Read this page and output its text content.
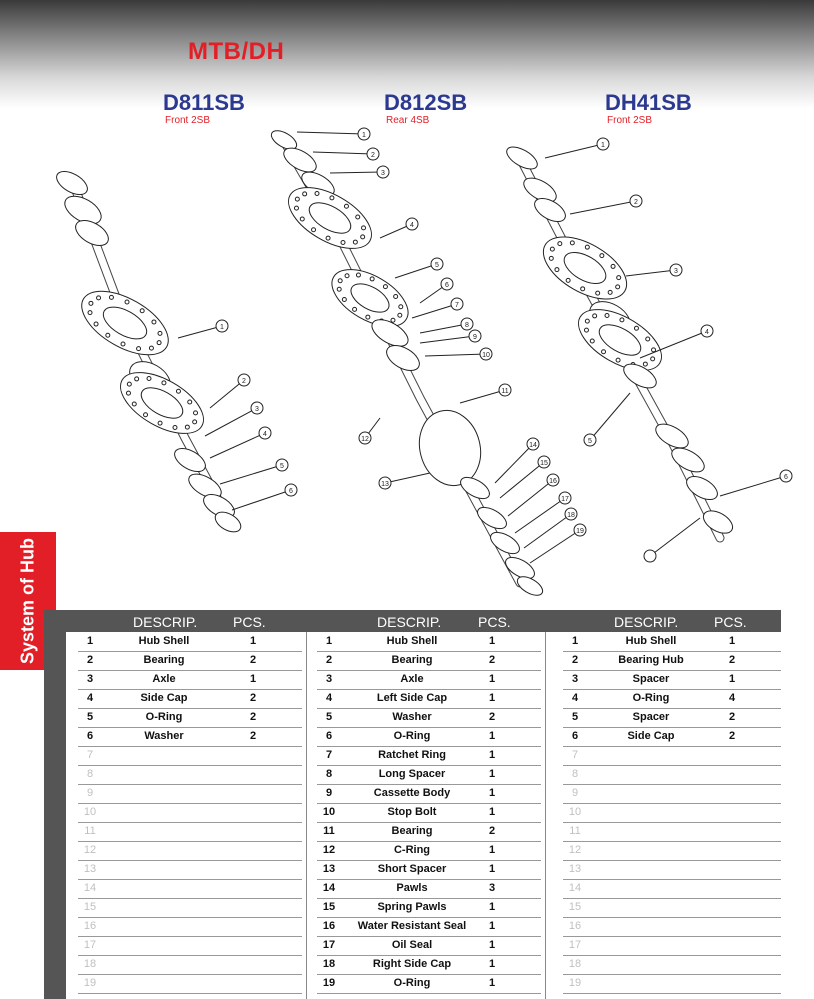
MTB/DH
D811SB
Front 2SB
D812SB
Rear 4SB
DH41SB
Front 2SB
1
2
3
4
5
6
1
2
3
4
5
6
7
8
9
10
11
12
13
14
15
16
17
18
19
1
2
3
4
5
6
System of Hub	DESCRIP.	PCS.	DESCRIP.	PCS.	DESCRIP.	PCS.
1	Hub Shell	1
2	Bearing	2
3	Axle	1
4	Side Cap	2
5	O-Ring	2
6	Washer	2
7
8
9
10
11
12
13
14
15
16
17
18
19
1	Hub Shell	1
2	Bearing	2
3	Axle	1
4	Left Side Cap	1
5	Washer	2
6	O-Ring	1
7	Ratchet Ring	1
8	Long Spacer	1
9	Cassette Body	1
10	Stop Bolt	1
11	Bearing	2
12	C-Ring	1
13	Short Spacer	1
14	Pawls	3
15	Spring Pawls	1
16	Water Resistant Seal	1
17	Oil Seal	1
18	Right Side Cap	1
19	O-Ring	1
1	Hub Shell	1
2	Bearing Hub	2
3	Spacer	1
4	O-Ring	4
5	Spacer	2
6	Side Cap	2
7
8
9
10
11
12
13
14
15
16
17
18
19
